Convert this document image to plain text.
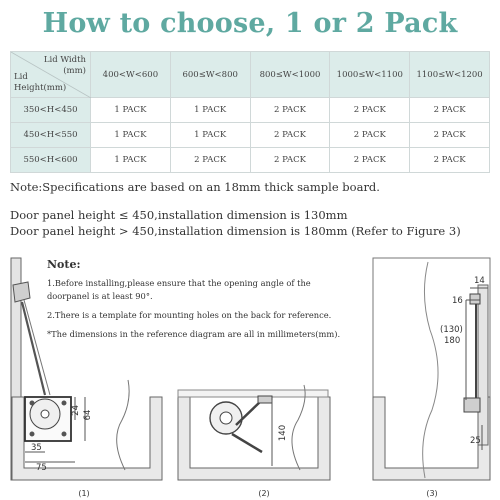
How to choose, 1 or 2 Pack
Lid Width
(mm)
Lid
Height(mm)	400<W<600	600≤W<800	800≤W<1000	1000≤W<1100	1100≤W<1200
350<H<450	1 PACK	1 PACK	2 PACK	2 PACK	2 PACK
450<H<550	1 PACK	1 PACK	2 PACK	2 PACK	2 PACK
550<H<600	1 PACK	2 PACK	2 PACK	2 PACK	2 PACK
Note:Specifications are based on an 18mm thick sample board.
Door panel height ≤ 450,installation dimension is 130mm
Door panel height > 450,installation dimension is 180mm (Refer to Figure 3)
24 64
35
75
(1)
140
(2)
14
16
(130)
180
25
(3)
Note:
1.Before installing,please ensure that the opening angle of the
doorpanel is at least 90°.
2.There is a template for mounting holes on the back for reference.
*The dimensions in the reference diagram are all in millimeters(mm).
